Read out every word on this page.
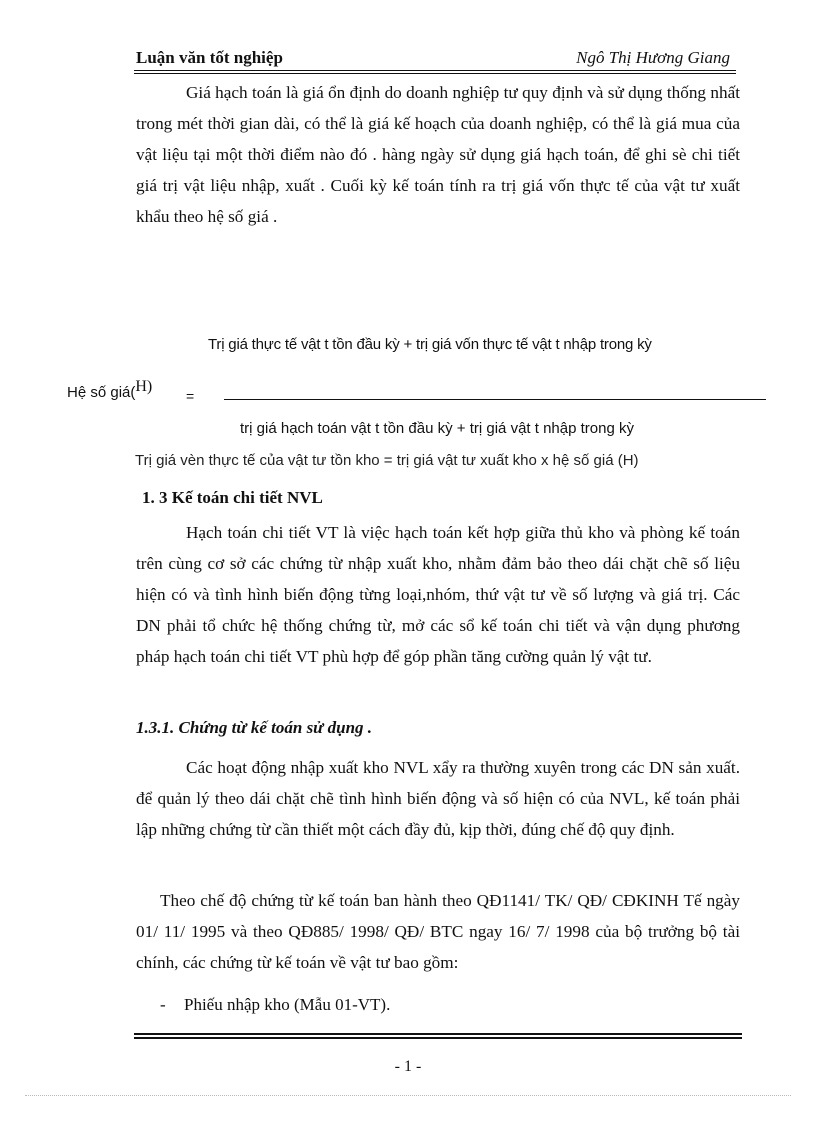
Luận văn tốt nghiệp	Ngô Thị Hương Giang

Giá hạch toán là giá ổn định do doanh nghiệp tư quy định và sử dụng thống nhất trong mét thời gian dài, có thể là giá kế hoạch của doanh nghiệp, có thể là giá mua của vật liệu tại một thời điểm nào đó . hàng ngày sử dụng giá hạch toán, để ghi sè chi tiết giá trị vật liệu nhập, xuất . Cuối kỳ kế toán tính ra trị giá vốn thực tế của vật tư xuất khẩu theo hệ số giá .

Trị giá thực tế vật t tồn đầu kỳ + trị giá vốn thực tế vật t nhập trong kỳ
Hệ số giá(H)
=
trị giá hạch toán vật t tồn đầu kỳ + trị giá vật t nhập trong kỳ
Trị giá vèn thực tế của vật tư tồn kho = trị giá vật tư xuất kho x hệ số giá (H)
1. 3 Kế toán chi tiết NVL

Hạch toán chi tiết VT là việc hạch toán kết hợp giữa thủ kho và phòng kế toán trên cùng cơ sở các chứng từ nhập xuất kho, nhằm đảm bảo theo dái chặt chẽ số liệu hiện có và tình hình biến động từng loại,nhóm, thứ vật tư về số lượng và giá trị. Các DN phải tổ chức hệ thống chứng từ, mở các sổ kế toán chi tiết và vận dụng phương pháp hạch toán chi tiết VT phù hợp để góp phần tăng cường quản lý vật tư.

1.3.1. Chứng từ kế toán sử dụng .

Các hoạt động nhập xuất kho NVL xẩy ra thường xuyên trong các DN sản xuất. để quản lý theo dái chặt chẽ tình hình biến động và số hiện có của NVL, kế toán phải lập những chứng từ cần thiết một cách đầy đủ, kịp thời, đúng chế độ quy định.

Theo chế độ chứng từ kế toán ban hành theo QĐ1141/ TK/ QĐ/ CĐKINH Tế ngày 01/ 11/ 1995 và theo QĐ885/ 1998/ QĐ/ BTC ngay 16/ 7/ 1998 của bộ trưởng bộ tài chính, các chứng từ kế toán về vật tư bao gồm:

- Phiếu nhập kho (Mẫu 01-VT).
- 1 -
